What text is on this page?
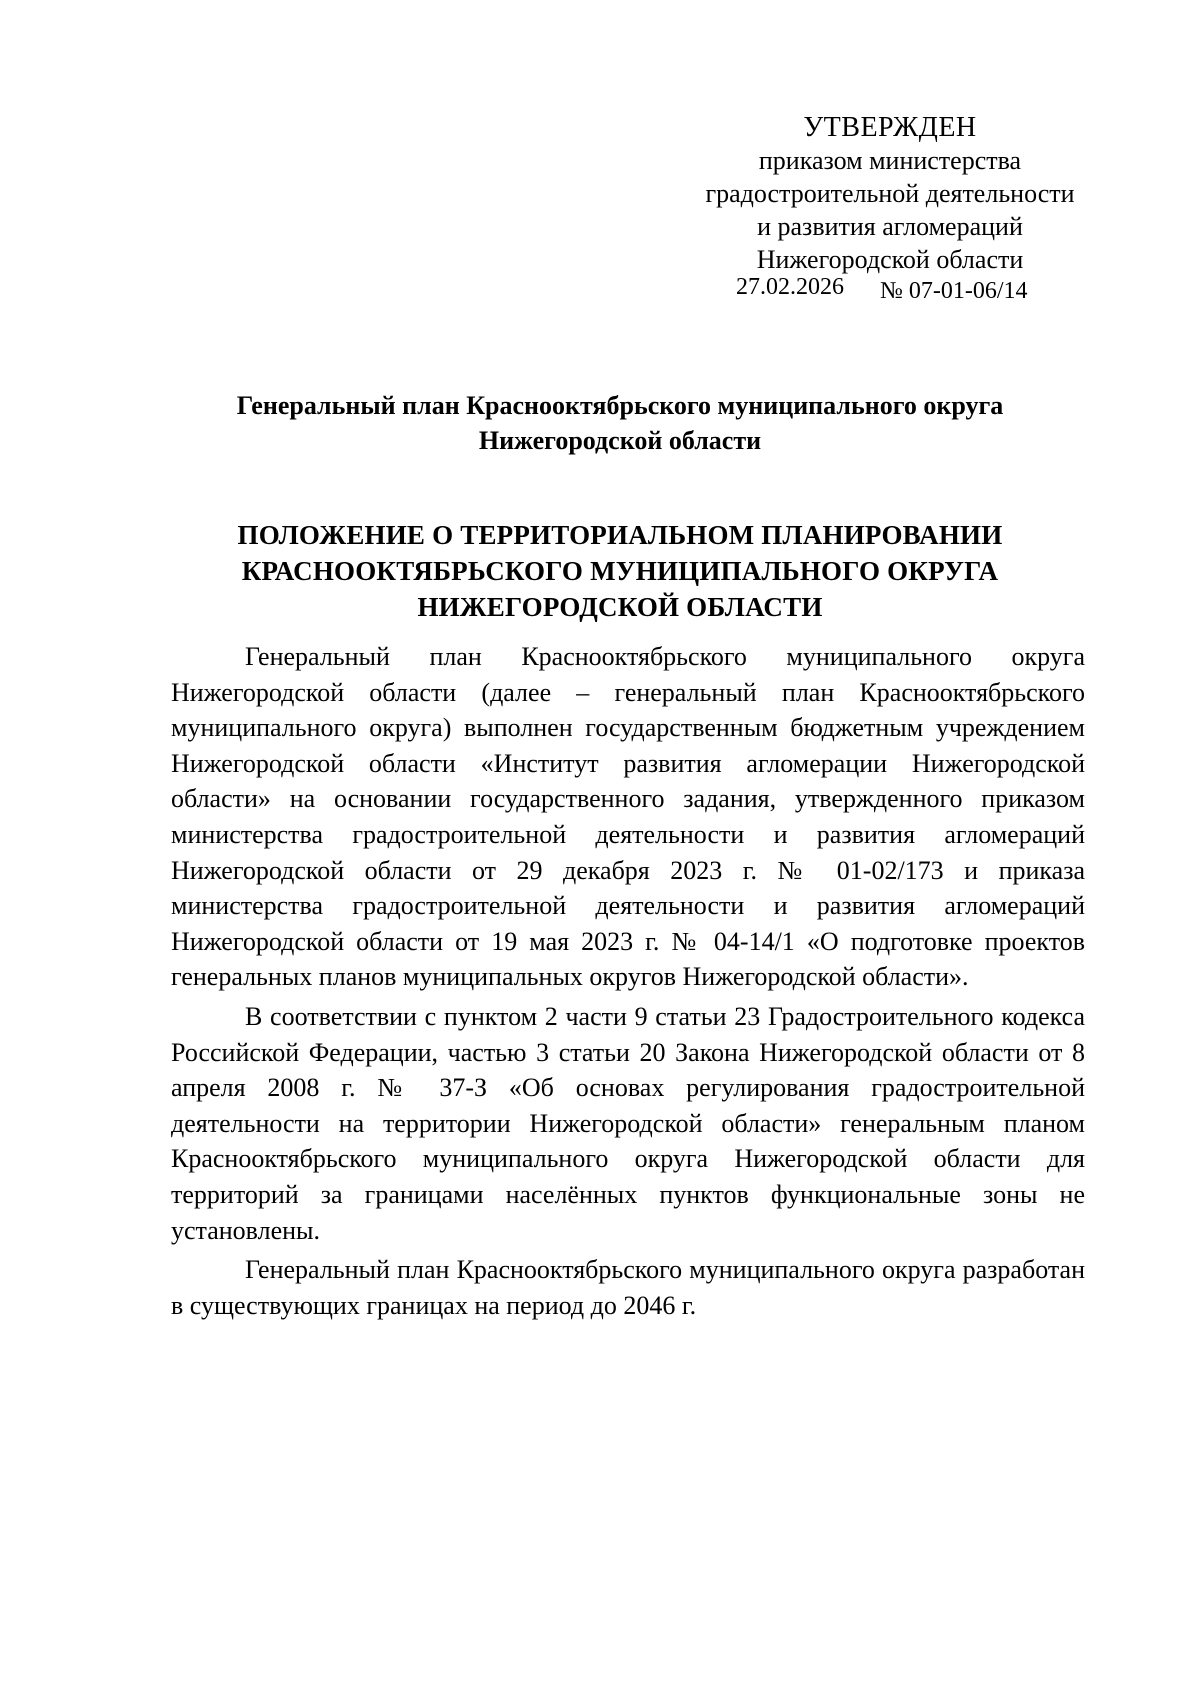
УТВЕРЖДЕН
приказом министерства
градостроительной деятельности
и развития агломераций
Нижегородской области
27.02.2026 № 07-01-06/14
Генеральный план Краснооктябрьского муниципального округа
Нижегородской области
ПОЛОЖЕНИЕ О ТЕРРИТОРИАЛЬНОМ ПЛАНИРОВАНИИ
КРАСНООКТЯБРЬСКОГО МУНИЦИПАЛЬНОГО ОКРУГА
НИЖЕГОРОДСКОЙ ОБЛАСТИ

Генеральный план Краснооктябрьского муниципального округа Нижегородской области (далее – генеральный план Краснооктябрьского муниципального округа) выполнен государственным бюджетным учреждением Нижегородской области «Институт развития агломерации Нижегородской области» на основании государственного задания, утвержденного приказом министерства градостроительной деятельности и развития агломераций Нижегородской области от 29 декабря 2023 г. № 01-02/173 и приказа министерства градостроительной деятельности и развития агломераций Нижегородской области от 19 мая 2023 г. № 04-14/1 «О подготовке проектов генеральных планов муниципальных округов Нижегородской области».

В соответствии с пунктом 2 части 9 статьи 23 Градостроительного кодекса Российской Федерации, частью 3 статьи 20 Закона Нижегородской области от 8 апреля 2008 г. № 37-З «Об основах регулирования градостроительной деятельности на территории Нижегородской области» генеральным планом Краснооктябрьского муниципального округа Нижегородской области для территорий за границами населённых пунктов функциональные зоны не установлены.

Генеральный план Краснооктябрьского муниципального округа разработан в существующих границах на период до 2046 г.
